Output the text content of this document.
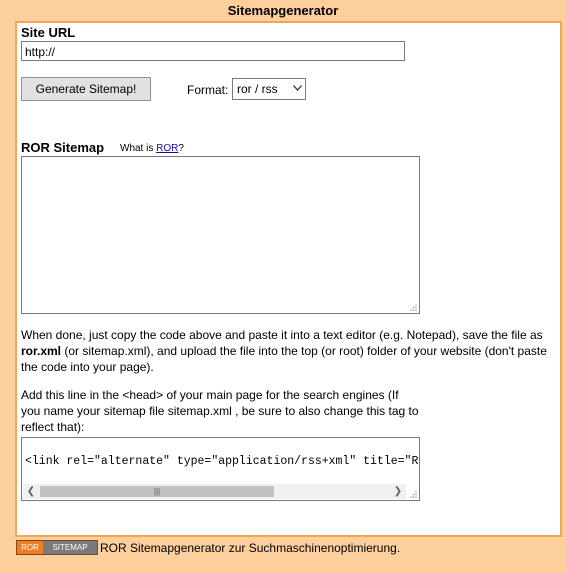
Sitemapgenerator
Site URL
http://
Generate Sitemap!	Format: ror / rss
ROR Sitemap What is ROR?
When done, just copy the code above and paste it into a text editor (e.g. Notepad), save the file as ror.xml (or sitemap.xml), and upload the file into the top (or root) folder of your website (don't paste the code into your page).
Add this line in the <head> of your main page for the search engines (If you name your sitemap file sitemap.xml , be sure to also change this tag to reflect that):
<link rel="alternate" type="application/rss+xml" title="R
❮	|||	❯
ROR	SITEMAP	ROR Sitemapgenerator zur Suchmaschinenoptimierung.
